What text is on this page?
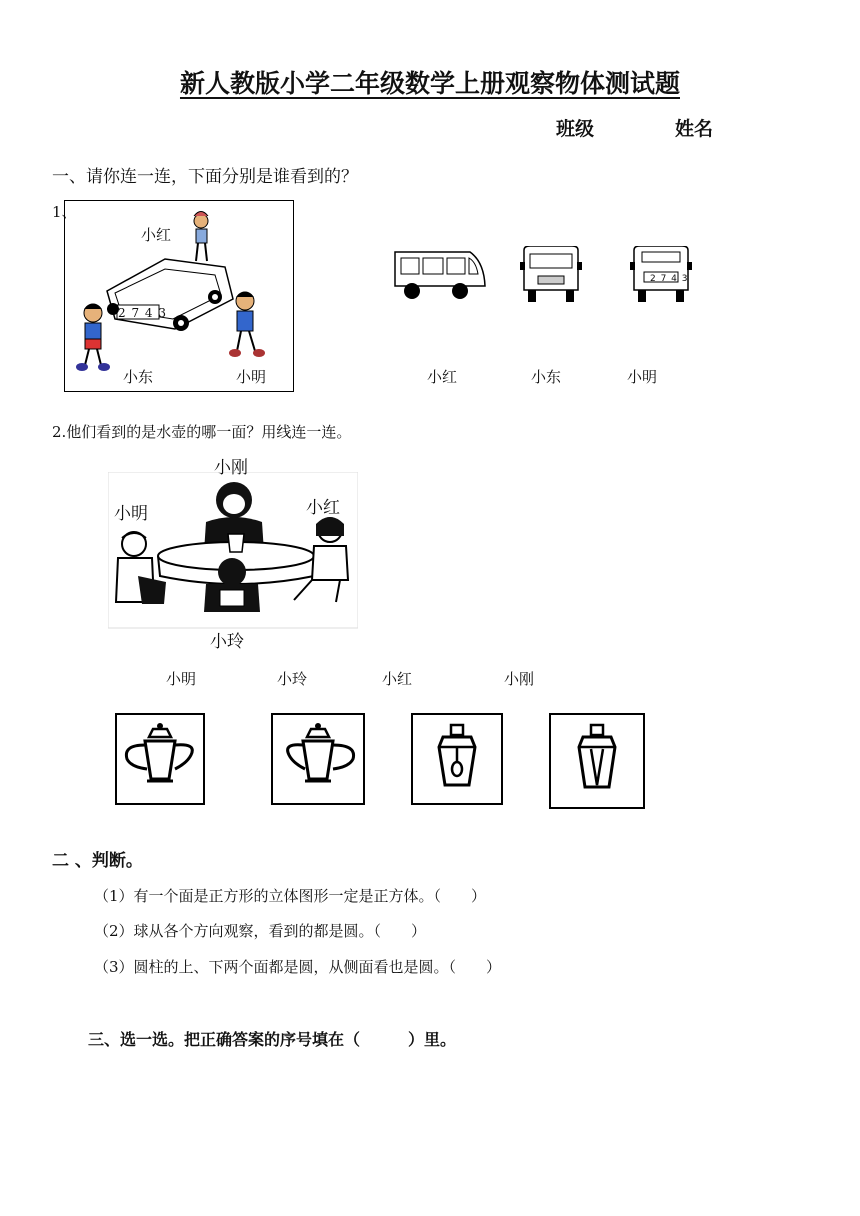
新人教版小学二年级数学上册观察物体测试题
班级	姓名
一、请你连一连，下面分别是谁看到的？
1、
2 7 4 3
小红
小东	小明
2 7 4 3
小红	小东	小明
2.他们看到的是水壶的哪一面？用线连一连。
小刚
小明	小红
小玲
小明	小玲	小红	小刚
二 、判断。
（1）有一个面是正方形的立体图形一定是正方体。（　　）
（2）球从各个方向观察，看到的都是圆。（　　）
（3）圆柱的上、下两个面都是圆，从侧面看也是圆。（　　）
三、选一选。把正确答案的序号填在（　　　）里。
